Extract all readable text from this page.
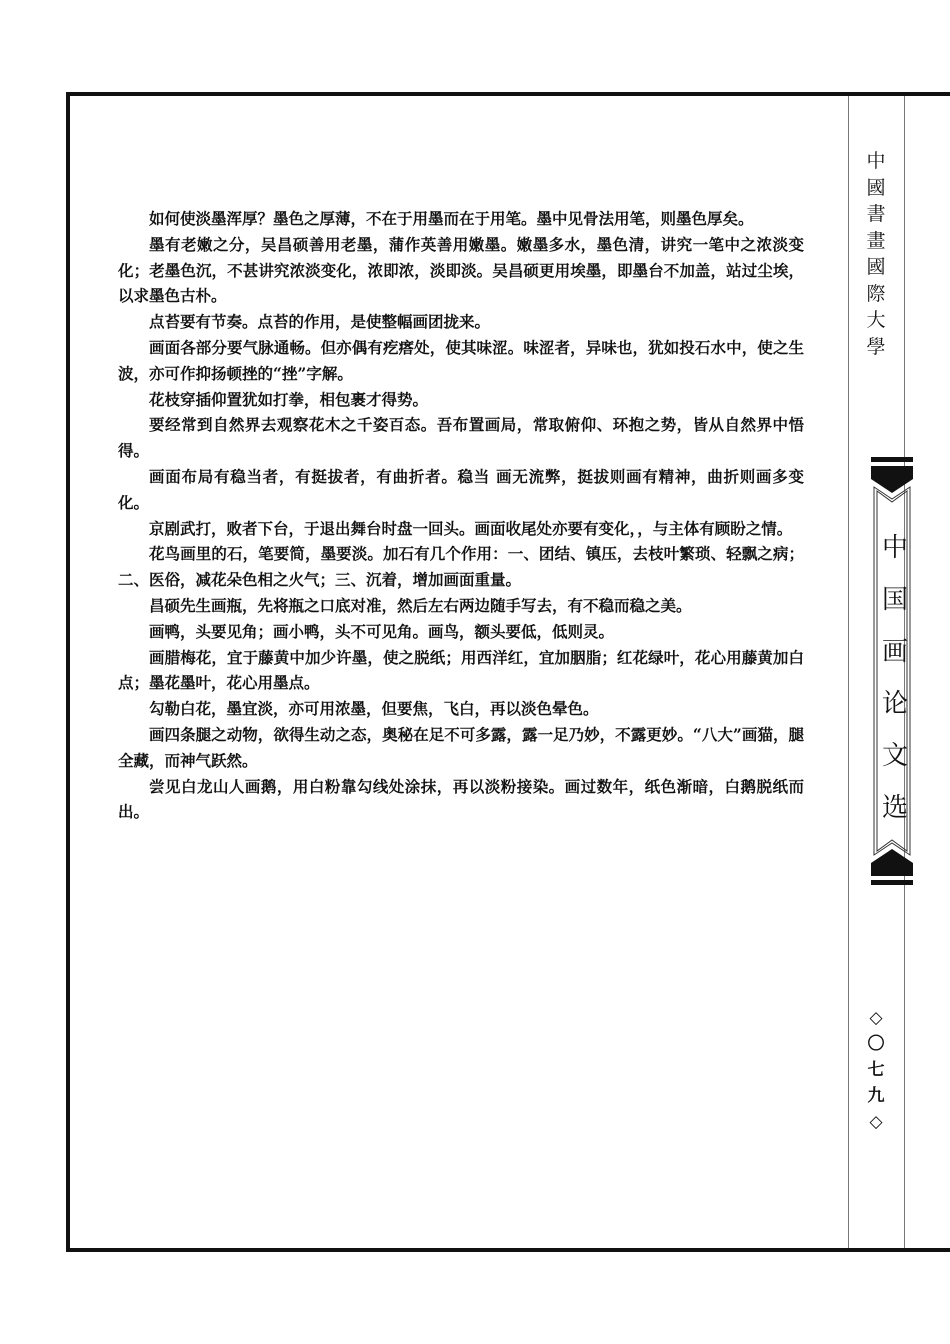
中
國
書
畫
國
際
大
學
中
国
画
论
文
选
◇
〇
七
九
◇

如何使淡墨浑厚？墨色之厚薄，不在于用墨而在于用笔。墨中见骨法用笔，则墨色厚矣。

墨有老嫩之分，吴昌硕善用老墨，蒲作英善用嫩墨。嫩墨多水，墨色清，讲究一笔中之浓淡变化；老墨色沉，不甚讲究浓淡变化，浓即浓，淡即淡。吴昌硕更用埃墨，即墨台不加盖，站过尘埃，以求墨色古朴。

点苔要有节奏。点苔的作用，是使整幅画团拢来。

画面各部分要气脉通畅。但亦偶有疙瘩处，使其味涩。味涩者，异味也，犹如投石水中，使之生波，亦可作抑扬顿挫的“挫”字解。

花枝穿插仰置犹如打拳，相包裹才得势。

要经常到自然界去观察花木之千姿百态。吾布置画局，常取俯仰、环抱之势，皆从自然界中悟得。

画面布局有稳当者，有挺拔者，有曲折者。稳当 画无流弊，挺拔则画有精神，曲折则画多变化。

京剧武打，败者下台，于退出舞台时盘一回头。画面收尾处亦要有变化，，与主体有顾盼之情。

花鸟画里的石，笔要简，墨要淡。加石有几个作用：一、团结、镇压，去枝叶繁琐、轻飘之病；二、医俗，减花朵色相之火气；三、沉着，增加画面重量。

昌硕先生画瓶，先将瓶之口底对准，然后左右两边随手写去，有不稳而稳之美。

画鸭，头要见角；画小鸭，头不可见角。画鸟，额头要低，低则灵。

画腊梅花，宜于藤黄中加少许墨，使之脱纸；用西洋红，宜加胭脂；红花绿叶，花心用藤黄加白点；墨花墨叶，花心用墨点。

勾勒白花，墨宜淡，亦可用浓墨，但要焦，飞白，再以淡色晕色。

画四条腿之动物，欲得生动之态，奥秘在足不可多露，露一足乃妙，不露更妙。“八大”画猫，腿全藏，而神气跃然。

尝见白龙山人画鹅，用白粉靠勾线处涂抹，再以淡粉接染。画过数年，纸色渐暗，白鹅脱纸而出。
